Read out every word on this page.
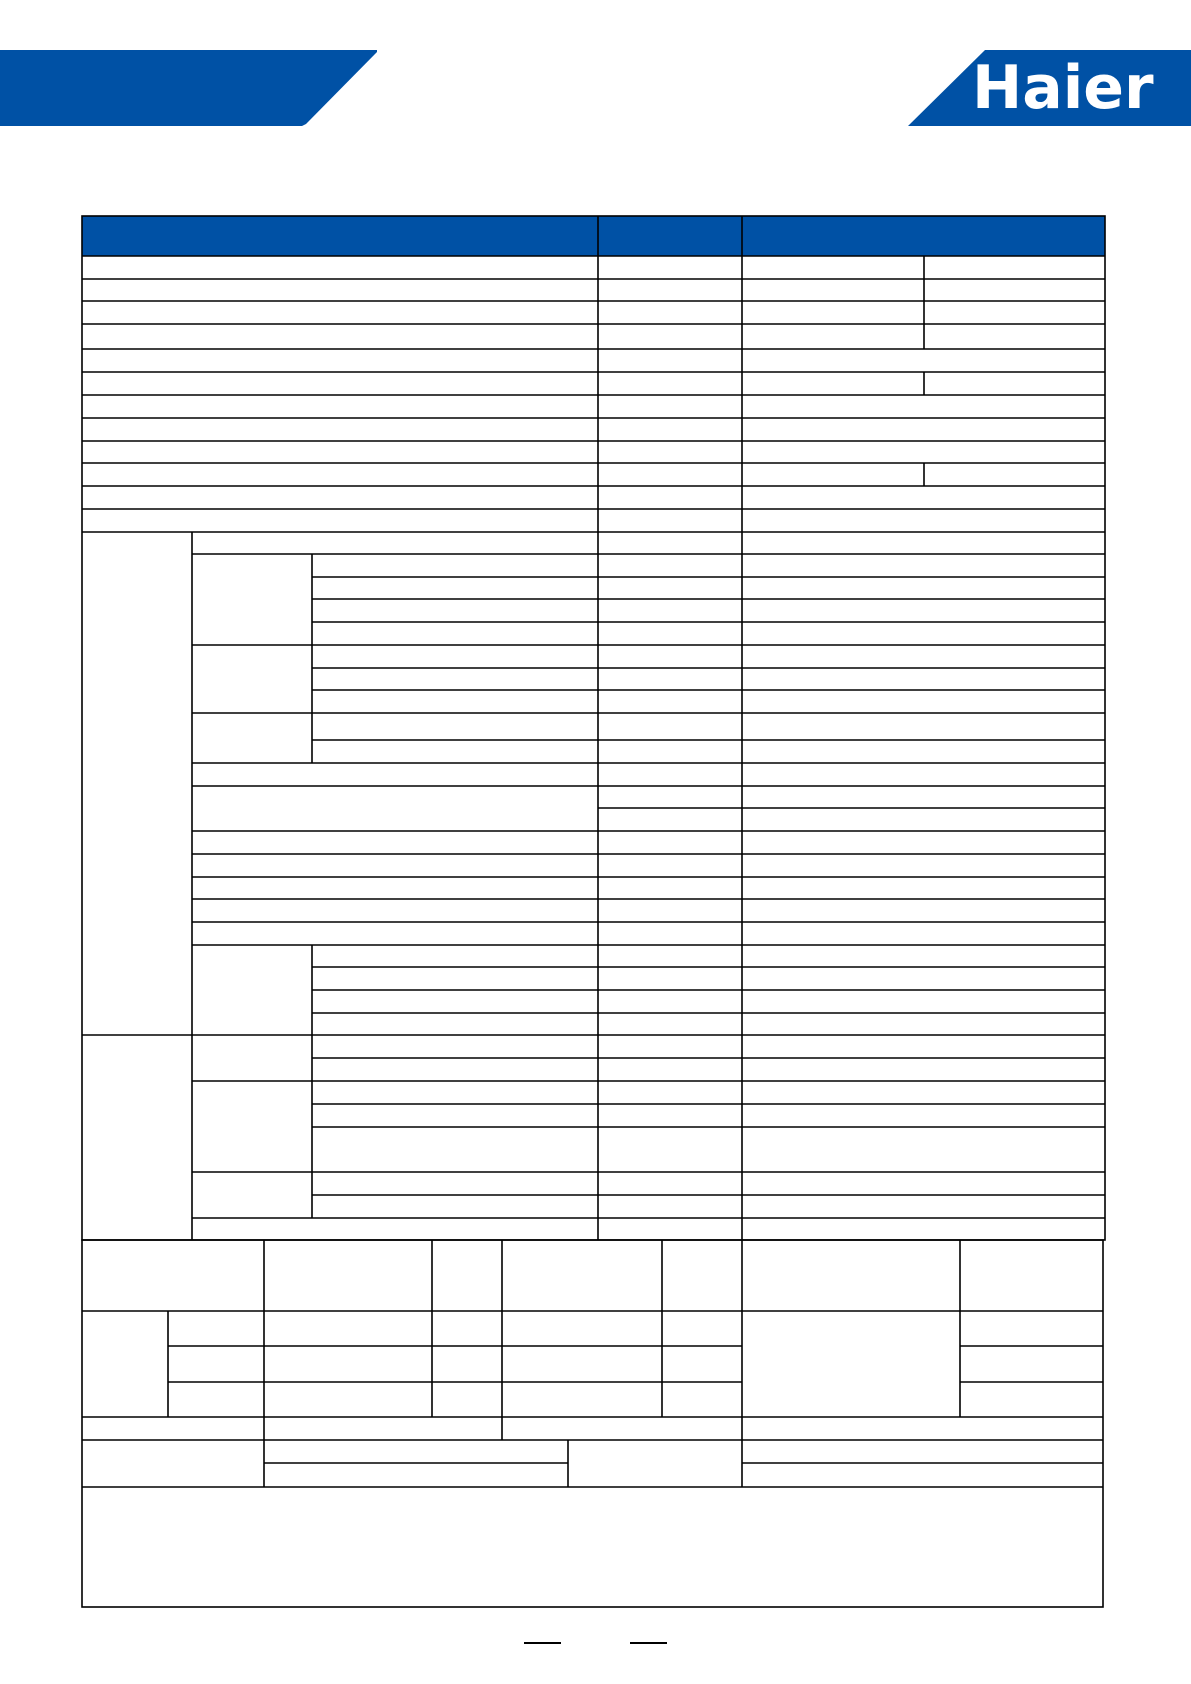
Haier
